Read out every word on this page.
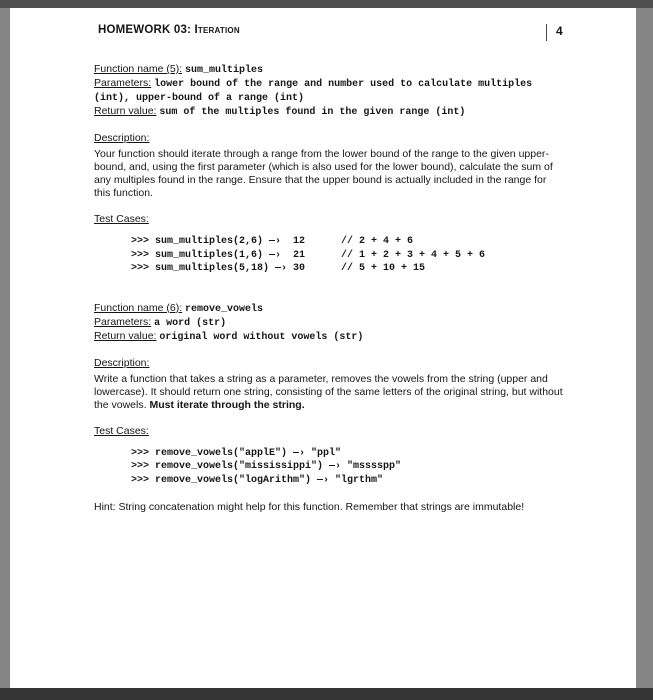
HOMEWORK 03: Iteration	4

Function name (5): sum_multiples

Parameters: lower bound of the range and number used to calculate multiples (int), upper-bound of a range (int)

Return value: sum of the multiples found in the given range (int)

Description:

Your function should iterate through a range from the lower bound of the range to the given upper-bound, and, using the first parameter (which is also used for the lower bound), calculate the sum of any multiples found in the range. Ensure that the upper bound is actually included in the range for this function.

Test Cases:

>>> sum_multiples(2,6) —›  12      // 2 + 4 + 6
>>> sum_multiples(1,6) —›  21      // 1 + 2 + 3 + 4 + 5 + 6
>>> sum_multiples(5,18) —› 30      // 5 + 10 + 15

Function name (6): remove_vowels

Parameters: a word (str)

Return value: original word without vowels (str)

Description:

Write a function that takes a string as a parameter, removes the vowels from the string (upper and lowercase). It should return one string, consisting of the same letters of the original string, but without the vowels. Must iterate through the string.

Test Cases:

>>> remove_vowels("applE") —› "ppl"
>>> remove_vowels("mississippi") —› "msssspp"
>>> remove_vowels("logArithm") —› "lgrthm"

Hint: String concatenation might help for this function. Remember that strings are immutable!
